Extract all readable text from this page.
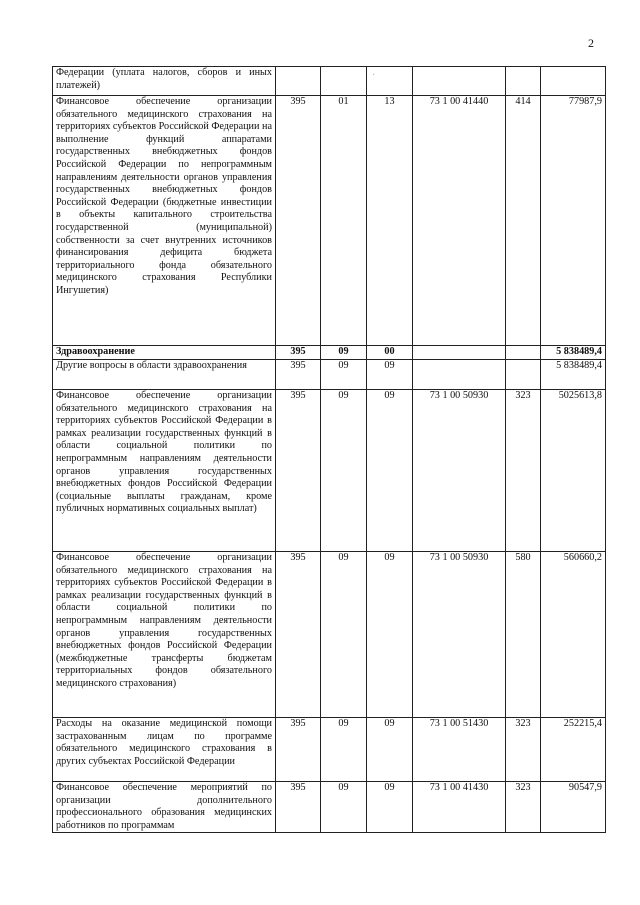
2
Федерации (уплата налогов, сборов и иных платежей)						
Финансовое обеспечение организации обязательного медицинского страхования на территориях субъектов Российской Федерации на выполнение функций аппаратами государственных внебюджетных фондов Российской Федерации по непрограммным направлениям деятельности органов управления государственных внебюджетных фондов Российской Федерации (бюджетные инвестиции в объекты капитального строительства государственной (муниципальной) собственности за счет внутренних источников финансирования дефицита бюджета территориального фонда обязательного медицинского страхования Республики Ингушетия)	395	01	13	73 1 00 41440	414	77987,9
Здравоохранение	395	09	00			5 838489,4
Другие вопросы в области здравоохранения	395	09	09			5 838489,4
Финансовое обеспечение организации обязательного медицинского страхования на территориях субъектов Российской Федерации в рамках реализации государственных функций в области социальной политики по непрограммным направлениям деятельности органов управления государственных внебюджетных фондов Российской Федерации (социальные выплаты гражданам, кроме публичных нормативных социальных выплат)	395	09	09	73 1 00 50930	323	5025613,8
Финансовое обеспечение организации обязательного медицинского страхования на территориях субъектов Российской Федерации в рамках реализации государственных функций в области социальной политики по непрограммным направлениям деятельности органов управления государственных внебюджетных фондов Российской Федерации (межбюджетные трансферты бюджетам территориальных фондов обязательного медицинского страхования)	395	09	09	73 1 00 50930	580	560660,2
Расходы на оказание медицинской помощи застрахованным лицам по программе обязательного медицинского страхования в других субъектах Российской Федерации	395	09	09	73 1 00 51430	323	252215,4
Финансовое обеспечение мероприятий по организации дополнительного профессионального образования медицинских работников по программам	395	09	09	73 1 00 41430	323	90547,9
·
